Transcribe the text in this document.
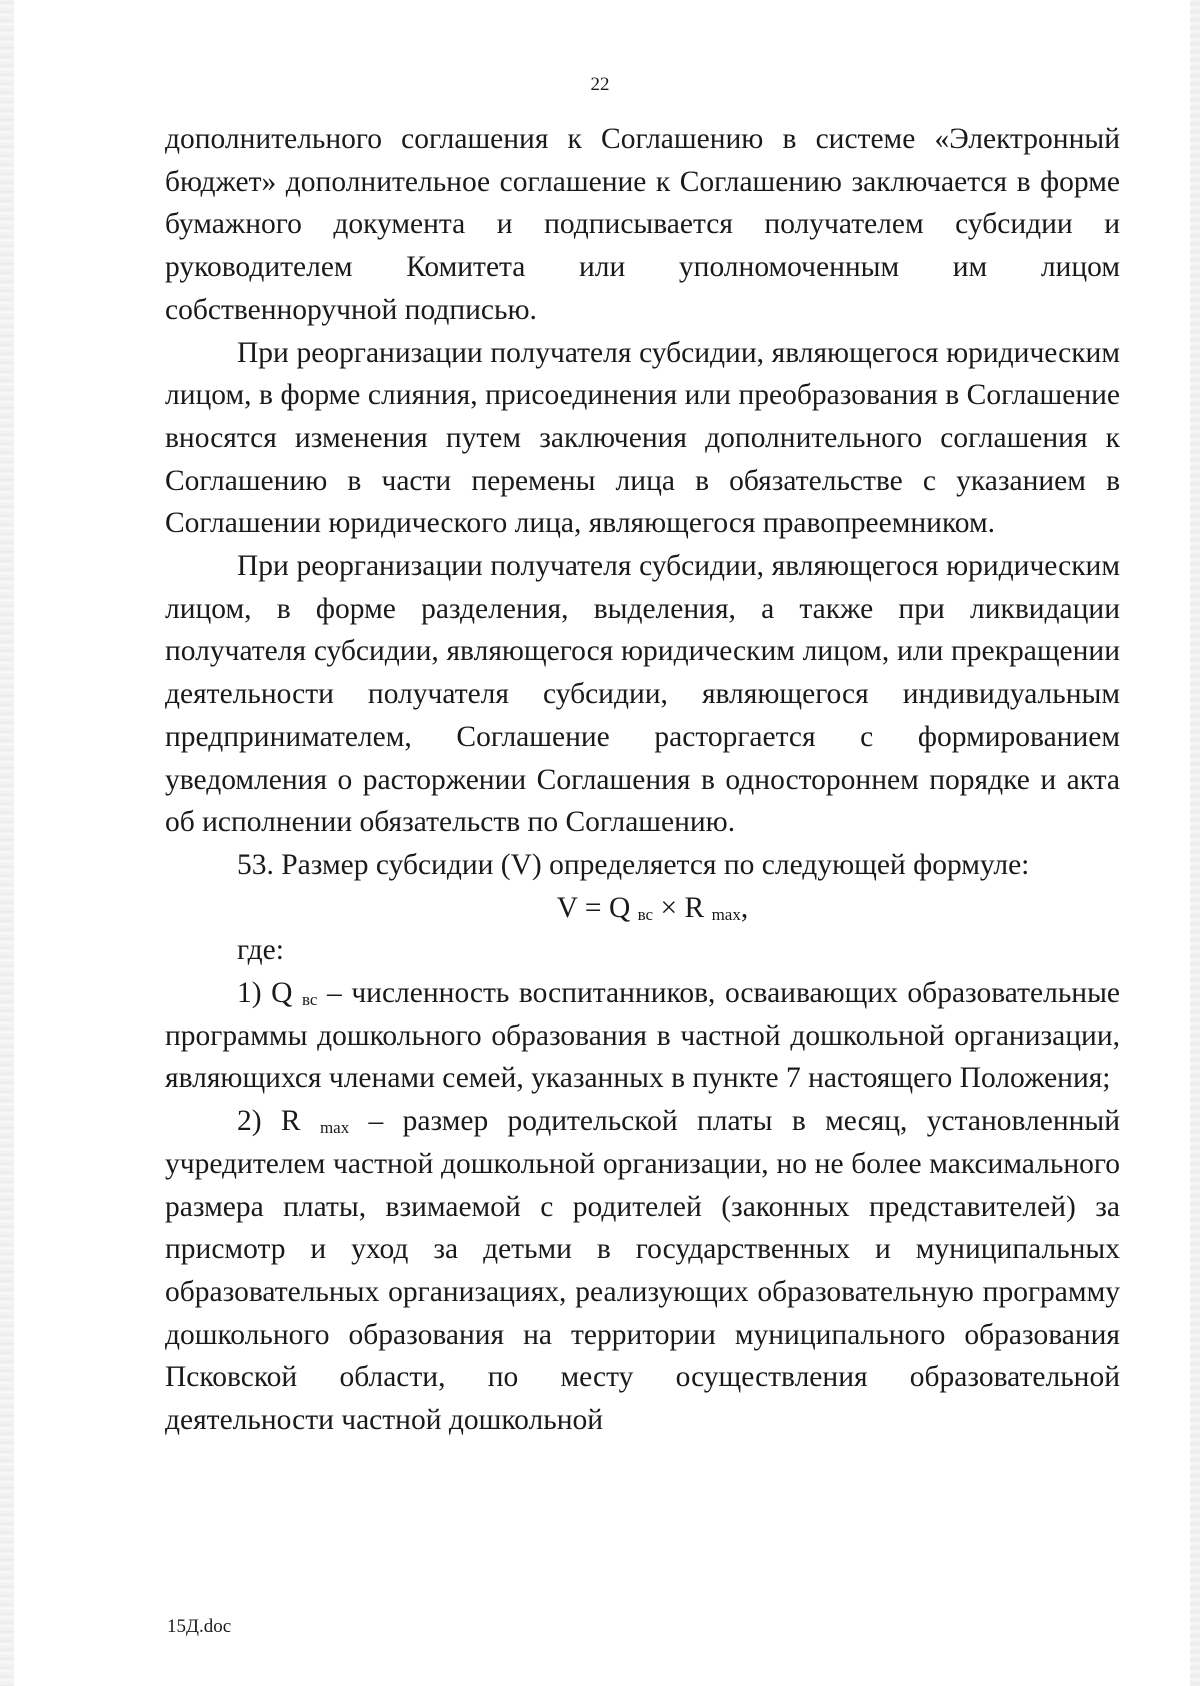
22

дополнительного соглашения к Соглашению в системе «Электронный бюджет» дополнительное соглашение к Соглашению заключается в форме бумажного документа и подписывается получателем субсидии и руководителем Комитета или уполномоченным им лицом собственноручной подписью.

При реорганизации получателя субсидии, являющегося юридическим лицом, в форме слияния, присоединения или преобразования в Соглашение вносятся изменения путем заключения дополнительного соглашения к Соглашению в части перемены лица в обязательстве с указанием в Соглашении юридического лица, являющегося правопреемником.

При реорганизации получателя субсидии, являющегося юридическим лицом, в форме разделения, выделения, а также при ликвидации получателя субсидии, являющегося юридическим лицом, или прекращении деятельности получателя субсидии, являющегося индивидуальным предпринимателем, Соглашение расторгается с формированием уведомления о расторжении Соглашения в одностороннем порядке и акта об исполнении обязательств по Соглашению.

53. Размер субсидии (V) определяется по следующей формуле:

V = Q $_{вс}$ × R $_{max}$,

где:

1) Q $_{вс}$ – численность воспитанников, осваивающих образовательные программы дошкольного образования в частной дошкольной организации, являющихся членами семей, указанных в пункте 7 настоящего Положения;

2) R $_{max}$ – размер родительской платы в месяц, установленный учредителем частной дошкольной организации, но не более максимального размера платы, взимаемой с родителей (законных представителей) за присмотр и уход за детьми в государственных и муниципальных образовательных организациях, реализующих образовательную программу дошкольного образования на территории муниципального образования Псковской области, по месту осуществления образовательной деятельности частной дошкольной

15Д.doc
